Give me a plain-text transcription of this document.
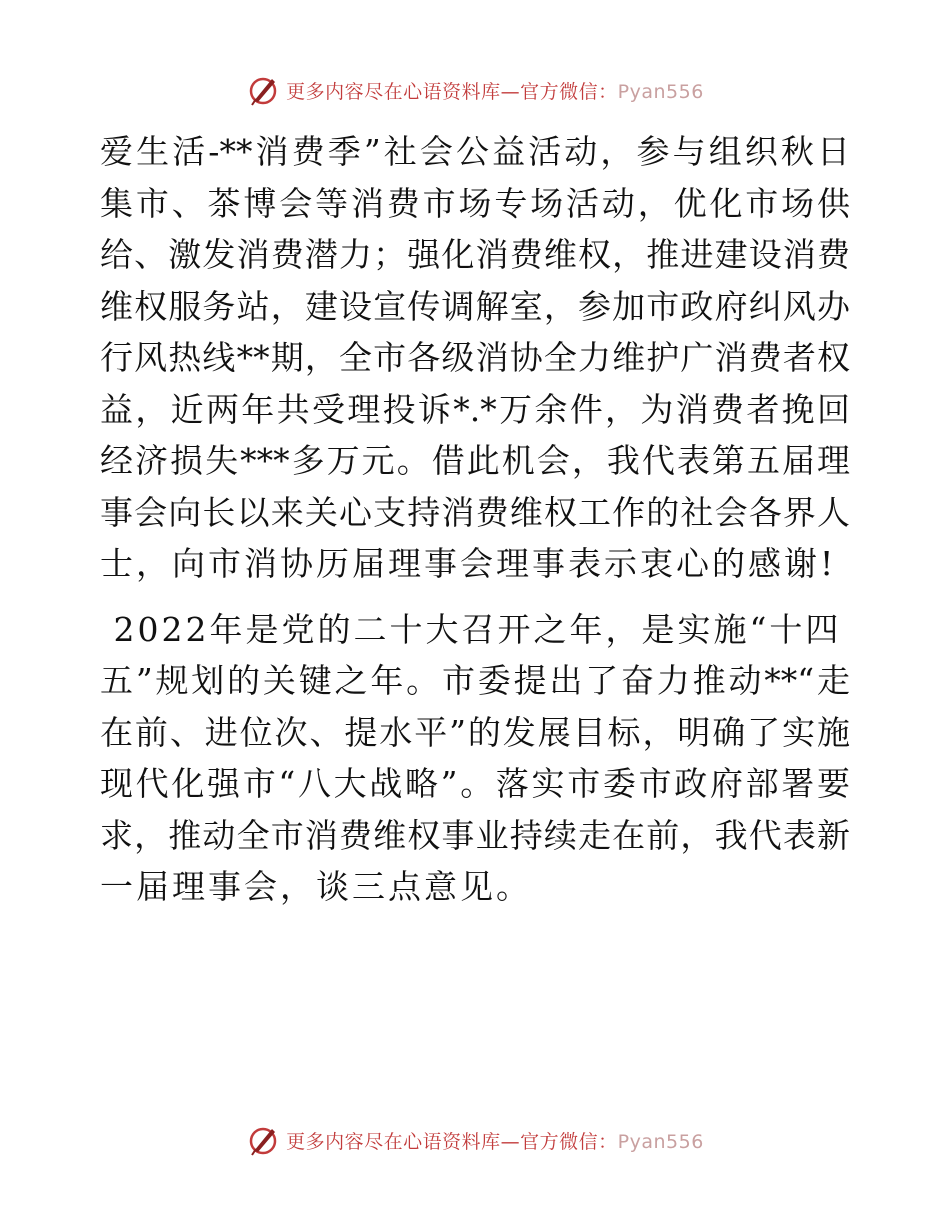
更多内容尽在心语资料库—官方微信：Pyan556
爱生活-**消费季”社会公益活动，参与组织秋日
集市、茶博会等消费市场专场活动，优化市场供
给、激发消费潜力；强化消费维权，推进建设消费
维权服务站，建设宣传调解室，参加市政府纠风办
行风热线**期，全市各级消协全力维护广消费者权
益，近两年共受理投诉*.*万余件，为消费者挽回
经济损失***多万元。借此机会，我代表第五届理
事会向长以来关心支持消费维权工作的社会各界人
士，向市消协历届理事会理事表示衷心的感谢!
2022年是党的二十大召开之年，是实施“十四
五”规划的关键之年。市委提出了奋力推动**“走
在前、进位次、提水平”的发展目标，明确了实施
现代化强市“八大战略”。落实市委市政府部署要
求，推动全市消费维权事业持续走在前，我代表新
一届理事会，谈三点意见。
更多内容尽在心语资料库—官方微信：Pyan556
